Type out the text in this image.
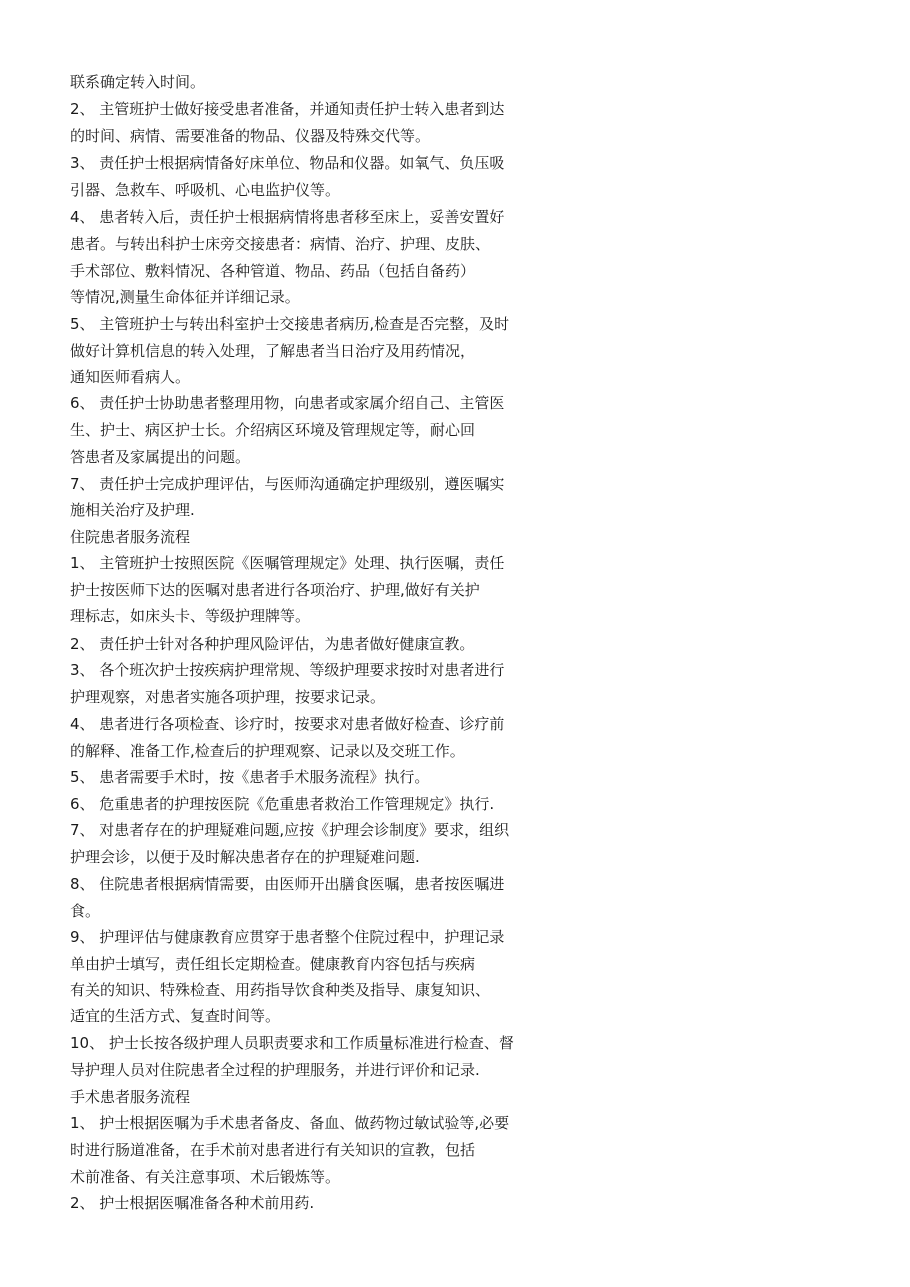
联系确定转入时间。
2、 主管班护士做好接受患者准备，并通知责任护士转入患者到达
的时间、病情、需要准备的物品、仪器及特殊交代等。
3、 责任护士根据病情备好床单位、物品和仪器。如氧气、负压吸
引器、急救车、呼吸机、心电监护仪等。
4、 患者转入后，责任护士根据病情将患者移至床上，妥善安置好
患者。与转出科护士床旁交接患者：病情、治疗、护理、皮肤、
手术部位、敷料情况、各种管道、物品、药品（包括自备药）
等情况,测量生命体征并详细记录。
5、 主管班护士与转出科室护士交接患者病历,检查是否完整，及时
做好计算机信息的转入处理，了解患者当日治疗及用药情况，
通知医师看病人。
6、 责任护士协助患者整理用物，向患者或家属介绍自己、主管医
生、护士、病区护士长。介绍病区环境及管理规定等，耐心回
答患者及家属提出的问题。
7、 责任护士完成护理评估，与医师沟通确定护理级别，遵医嘱实
施相关治疗及护理.
住院患者服务流程
1、 主管班护士按照医院《医嘱管理规定》处理、执行医嘱，责任
护士按医师下达的医嘱对患者进行各项治疗、护理,做好有关护
理标志，如床头卡、等级护理牌等。
2、 责任护士针对各种护理风险评估，为患者做好健康宣教。
3、 各个班次护士按疾病护理常规、等级护理要求按时对患者进行
护理观察，对患者实施各项护理，按要求记录。
4、 患者进行各项检查、诊疗时，按要求对患者做好检查、诊疗前
的解释、准备工作,检查后的护理观察、记录以及交班工作。
5、 患者需要手术时，按《患者手术服务流程》执行。
6、 危重患者的护理按医院《危重患者救治工作管理规定》执行.
7、 对患者存在的护理疑难问题,应按《护理会诊制度》要求，组织
护理会诊，以便于及时解决患者存在的护理疑难问题.
8、 住院患者根据病情需要，由医师开出膳食医嘱，患者按医嘱进
食。
9、 护理评估与健康教育应贯穿于患者整个住院过程中，护理记录
单由护士填写，责任组长定期检查。健康教育内容包括与疾病
有关的知识、特殊检查、用药指导饮食种类及指导、康复知识、
适宜的生活方式、复查时间等。
10、 护士长按各级护理人员职责要求和工作质量标准进行检查、督
导护理人员对住院患者全过程的护理服务，并进行评价和记录.
手术患者服务流程
1、 护士根据医嘱为手术患者备皮、备血、做药物过敏试验等,必要
时进行肠道准备，在手术前对患者进行有关知识的宣教，包括
术前准备、有关注意事项、术后锻炼等。
2、 护士根据医嘱准备各种术前用药.
